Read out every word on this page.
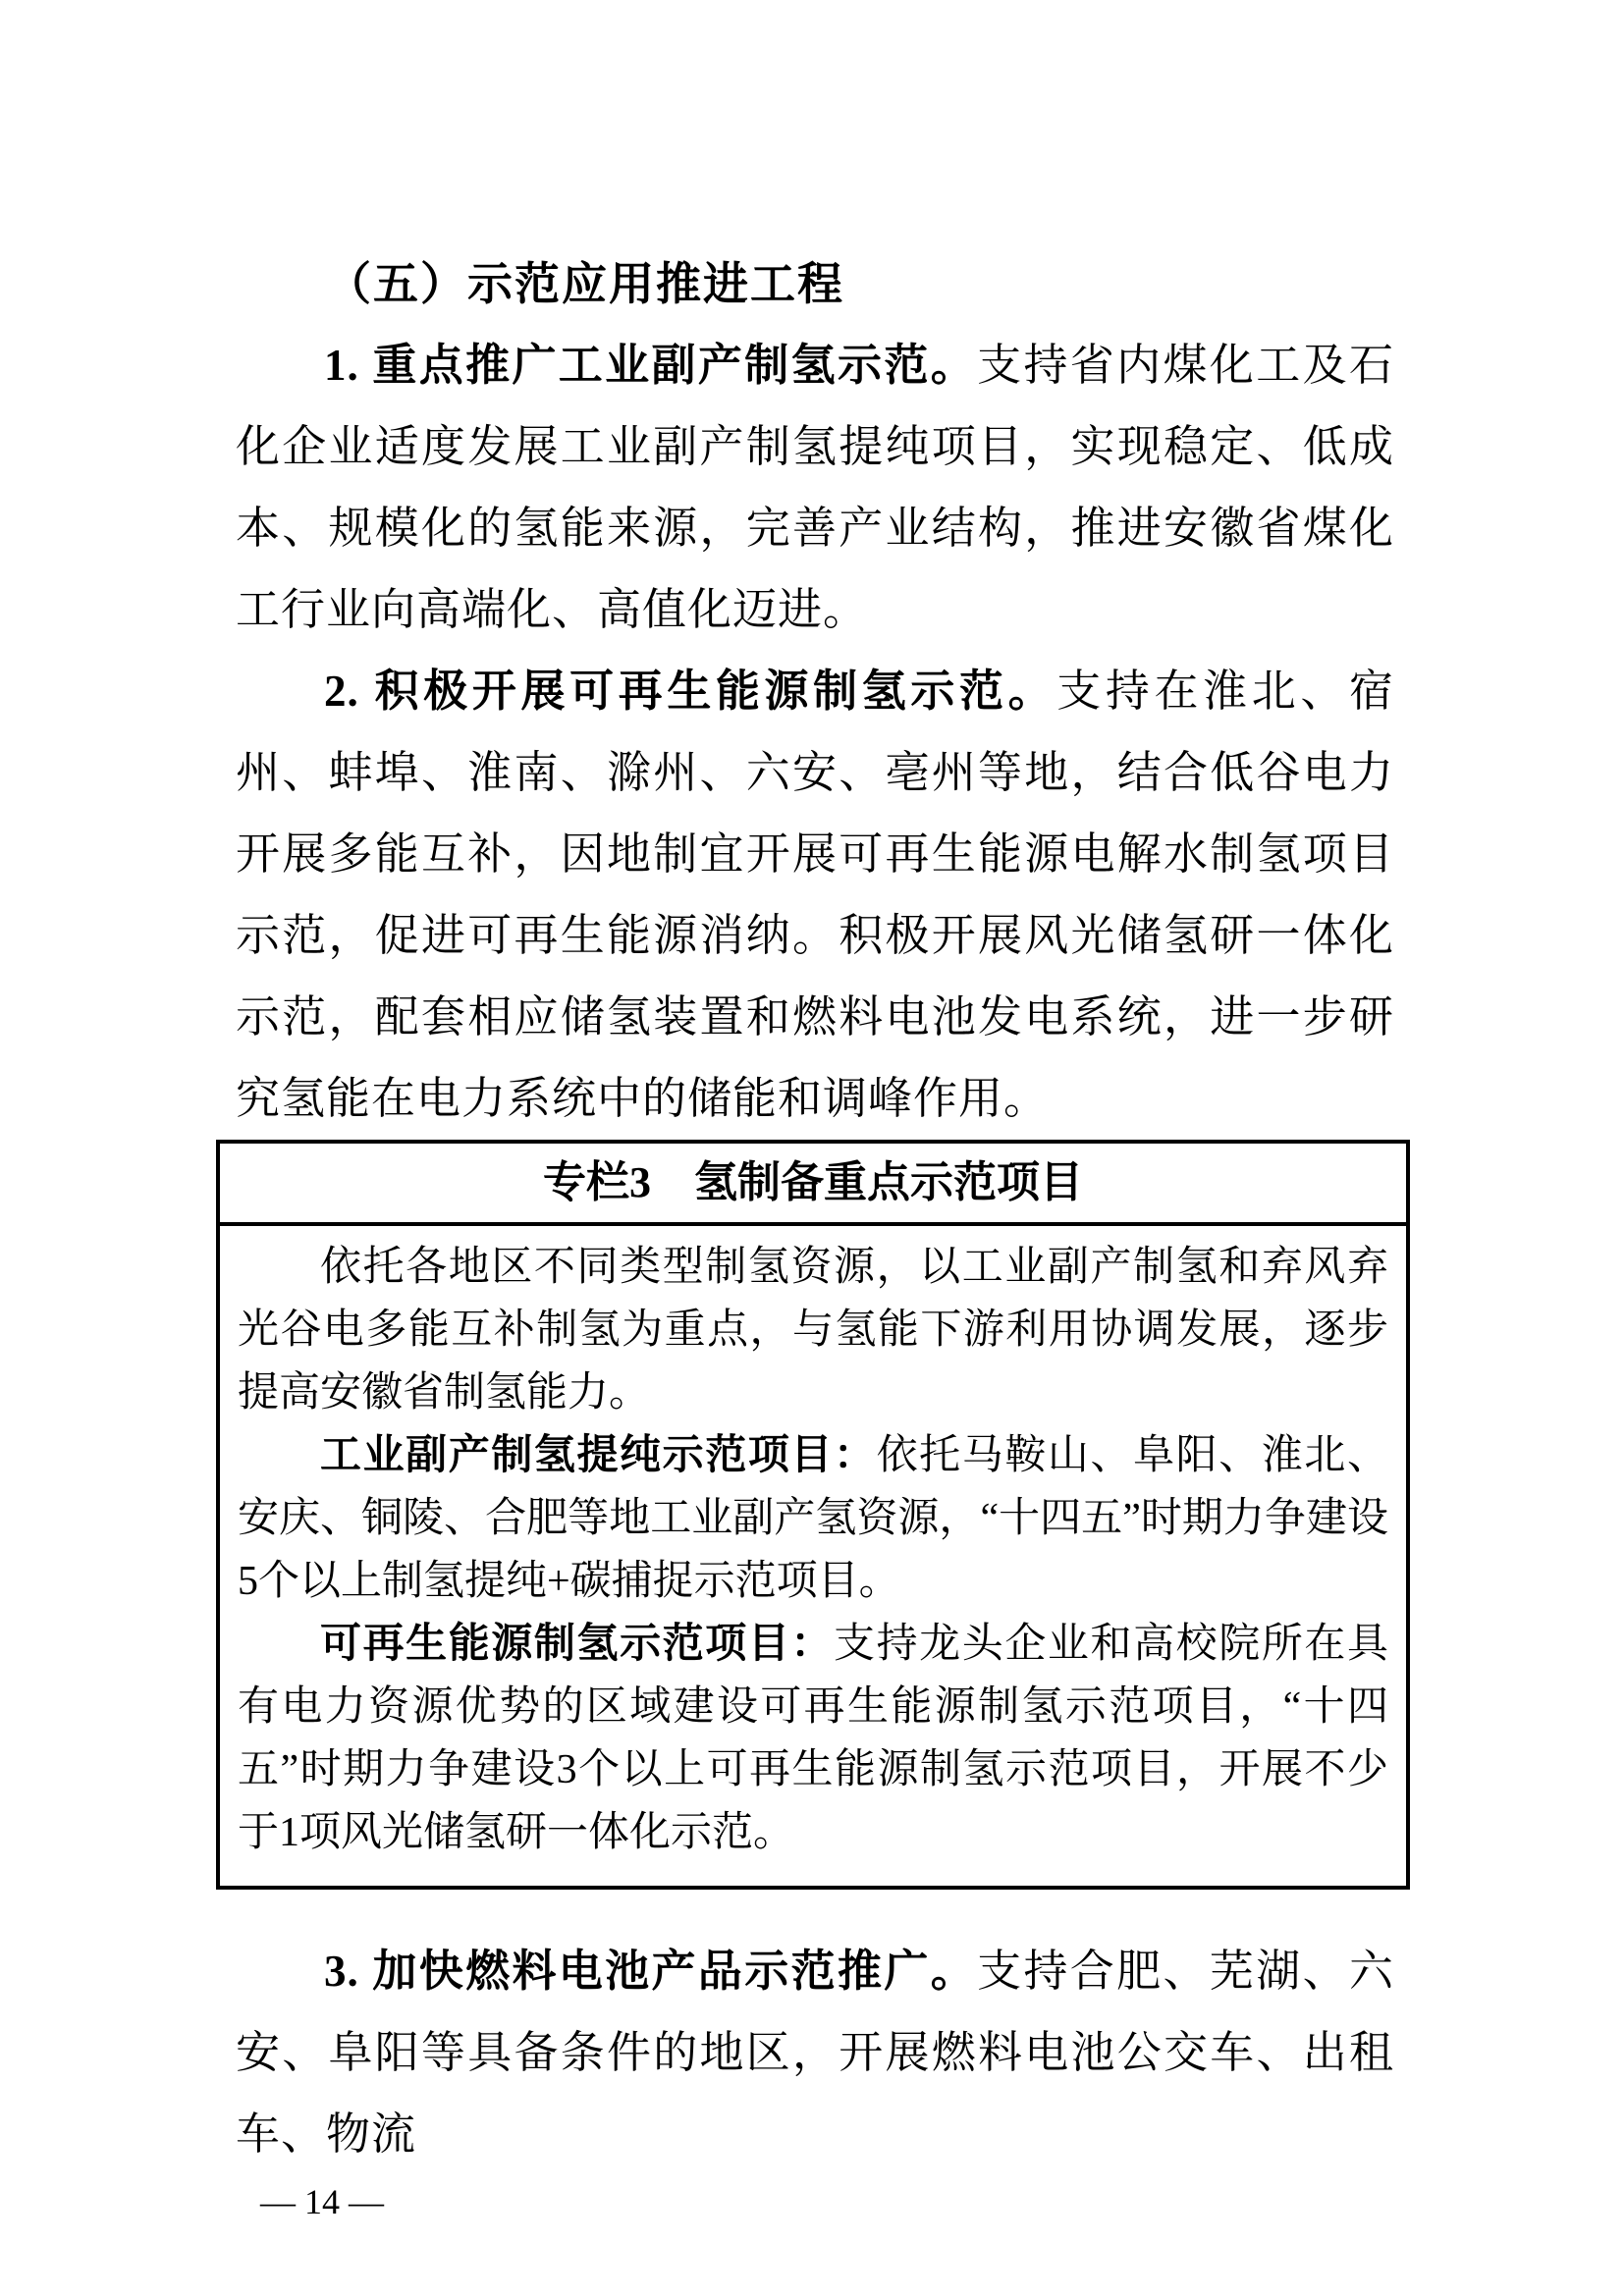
（五）示范应用推进工程

1. 重点推广工业副产制氢示范。支持省内煤化工及石化企业适度发展工业副产制氢提纯项目，实现稳定、低成本、规模化的氢能来源，完善产业结构，推进安徽省煤化工行业向高端化、高值化迈进。

2. 积极开展可再生能源制氢示范。支持在淮北、宿州、蚌埠、淮南、滁州、六安、亳州等地，结合低谷电力开展多能互补，因地制宜开展可再生能源电解水制氢项目示范，促进可再生能源消纳。积极开展风光储氢研一体化示范，配套相应储氢装置和燃料电池发电系统，进一步研究氢能在电力系统中的储能和调峰作用。

专栏3　氢制备重点示范项目

依托各地区不同类型制氢资源，以工业副产制氢和弃风弃光谷电多能互补制氢为重点，与氢能下游利用协调发展，逐步提高安徽省制氢能力。

工业副产制氢提纯示范项目：依托马鞍山、阜阳、淮北、安庆、铜陵、合肥等地工业副产氢资源，“十四五”时期力争建设5个以上制氢提纯+碳捕捉示范项目。

可再生能源制氢示范项目：支持龙头企业和高校院所在具有电力资源优势的区域建设可再生能源制氢示范项目，“十四五”时期力争建设3个以上可再生能源制氢示范项目，开展不少于1项风光储氢研一体化示范。

3. 加快燃料电池产品示范推广。支持合肥、芜湖、六安、阜阳等具备条件的地区，开展燃料电池公交车、出租车、物流

— 14 —
